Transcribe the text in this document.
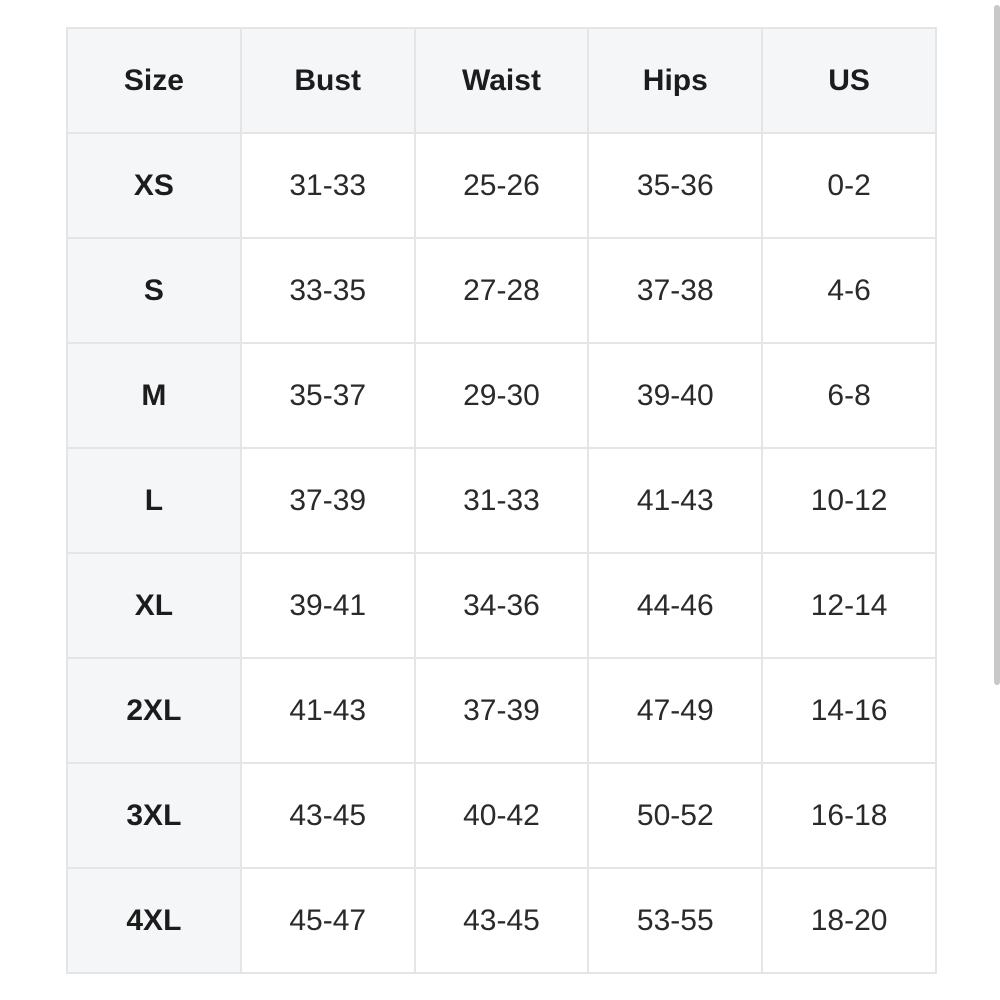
Size	Bust	Waist	Hips	US
XS	31-33	25-26	35-36	0-2
S	33-35	27-28	37-38	4-6
M	35-37	29-30	39-40	6-8
L	37-39	31-33	41-43	10-12
XL	39-41	34-36	44-46	12-14
2XL	41-43	37-39	47-49	14-16
3XL	43-45	40-42	50-52	16-18
4XL	45-47	43-45	53-55	18-20
